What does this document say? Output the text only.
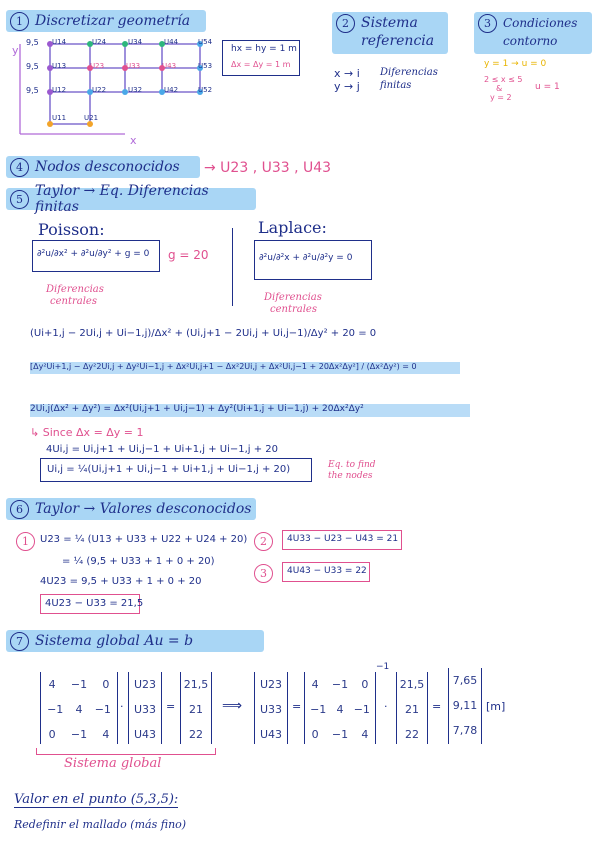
1 Discretizar geometría
y
x
9,5
9,5
9,5
U14	U24	U34	U44	U54
U13	U23	U33	U43	U53
U12	U22	U32	U42	U52
U11	U21
hx = hy = 1 m
Δx = Δy = 1 m
2 Sistema
referencia
x → i
y → j
Diferencias
finitas
3	Condiciones
contorno
y = 1 → u = 0
2 ≤ x ≤ 5
&
y = 2
u = 1
4 Nodos desconocidos → U23 , U33 , U43
5 Taylor → Eq. Diferencias finitas
Poisson:
∂²u/∂x² + ∂²u/∂y² + g = 0 g = 20
Diferencias
centrales
Laplace:
∂²u/∂²x + ∂²u/∂²y = 0
Diferencias
centrales
(Ui+1,j − 2Ui,j + Ui−1,j)/Δx² + (Ui,j+1 − 2Ui,j + Ui,j−1)/Δy² + 20 = 0
[Δy²Ui+1,j − Δy²2Ui,j + Δy²Ui−1,j + Δx²Ui,j+1 − Δx²2Ui,j + Δx²Ui,j−1 + 20Δx²Δy²] / (Δx²Δy²) = 0
2Ui,j(Δx² + Δy²) = Δx²(Ui,j+1 + Ui,j−1) + Δy²(Ui+1,j + Ui−1,j) + 20Δx²Δy²
↳ Since Δx = Δy = 1
4Ui,j = Ui,j+1 + Ui,j−1 + Ui+1,j + Ui−1,j + 20
Ui,j = ¼(Ui,j+1 + Ui,j−1 + Ui+1,j + Ui−1,j + 20)	Eq. to find
the nodes
6 Taylor → Valores desconocidos
1	U23 = ¼ (U13 + U33 + U22 + U24 + 20)
= ¼ (9,5 + U33 + 1 + 0 + 20)
4U23 = 9,5 + U33 + 1 + 0 + 20
4U23 − U33 = 21,5
2	4U33 − U23 − U43 = 21
3	4U43 − U33 = 22
7 Sistema global Au = b
4 −1 0
−1 4 −1
0 −1 4
·
U23
U33
U43
=
21,5
21
22
⟹
U23
U33
U43
=
4 −1 0
−1 4 −1
0 −1 4
−1
·
21,5
21
22
=
7,65
9,11
7,78
[m]
Sistema global
Valor en el punto (5,3,5):
Redefinir el mallado (más fino)
